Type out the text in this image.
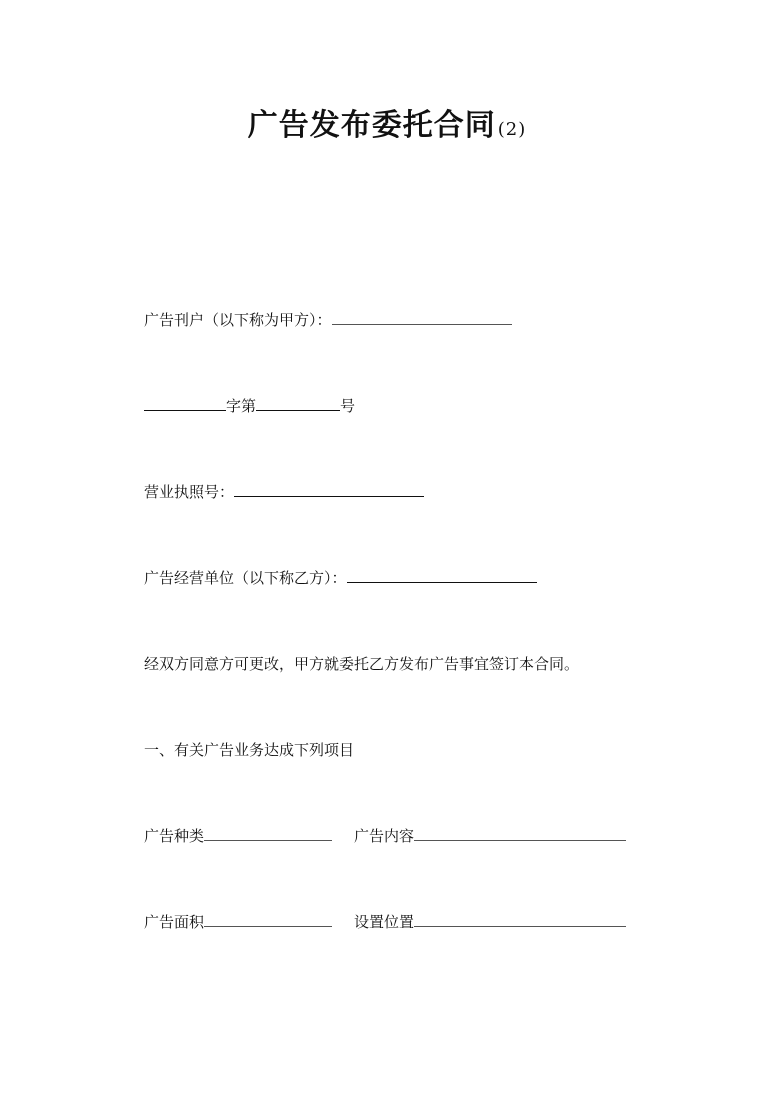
广告发布委托合同 (2)
广告刊户（以下称为甲方）：
字第	号
营业执照号：
广告经营单位（以下称乙方）：
经双方同意方可更改，甲方就委托乙方发布广告事宜签订本合同。
一、有关广告业务达成下列项目
广告种类	广告内容
广告面积	设置位置
